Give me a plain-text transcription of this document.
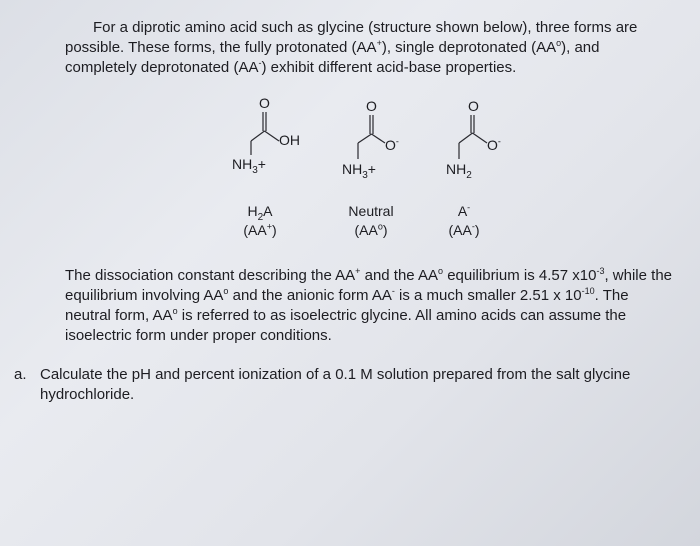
For a diprotic amino acid such as glycine (structure shown below), three forms are possible. These forms, the fully protonated (AA+), single deprotonated $(AA^o)$, and completely deprotonated (AA-) exhibit different acid-base properties.

O
OH
$NH_3+$
O
O-
$NH_3+$
O
O-
$NH_2$
$H_2A$
(AA+)
Neutral
$(AA^o)$
A-
(AA-)

The dissociation constant describing the AA+ and the $AA^o$ equilibrium is 4.57 $x10^{-3}$, while the equilibrium involving $AA^o$ and the anionic form AA- is a much smaller 2.51 x $10^{-10}$. The neutral form, $AA^o$ is referred to as isoelectric glycine. All amino acids can assume the isoelectric form under proper conditions.

a. Calculate the pH and percent ionization of a 0.1 M solution prepared from the salt glycine hydrochloride.
